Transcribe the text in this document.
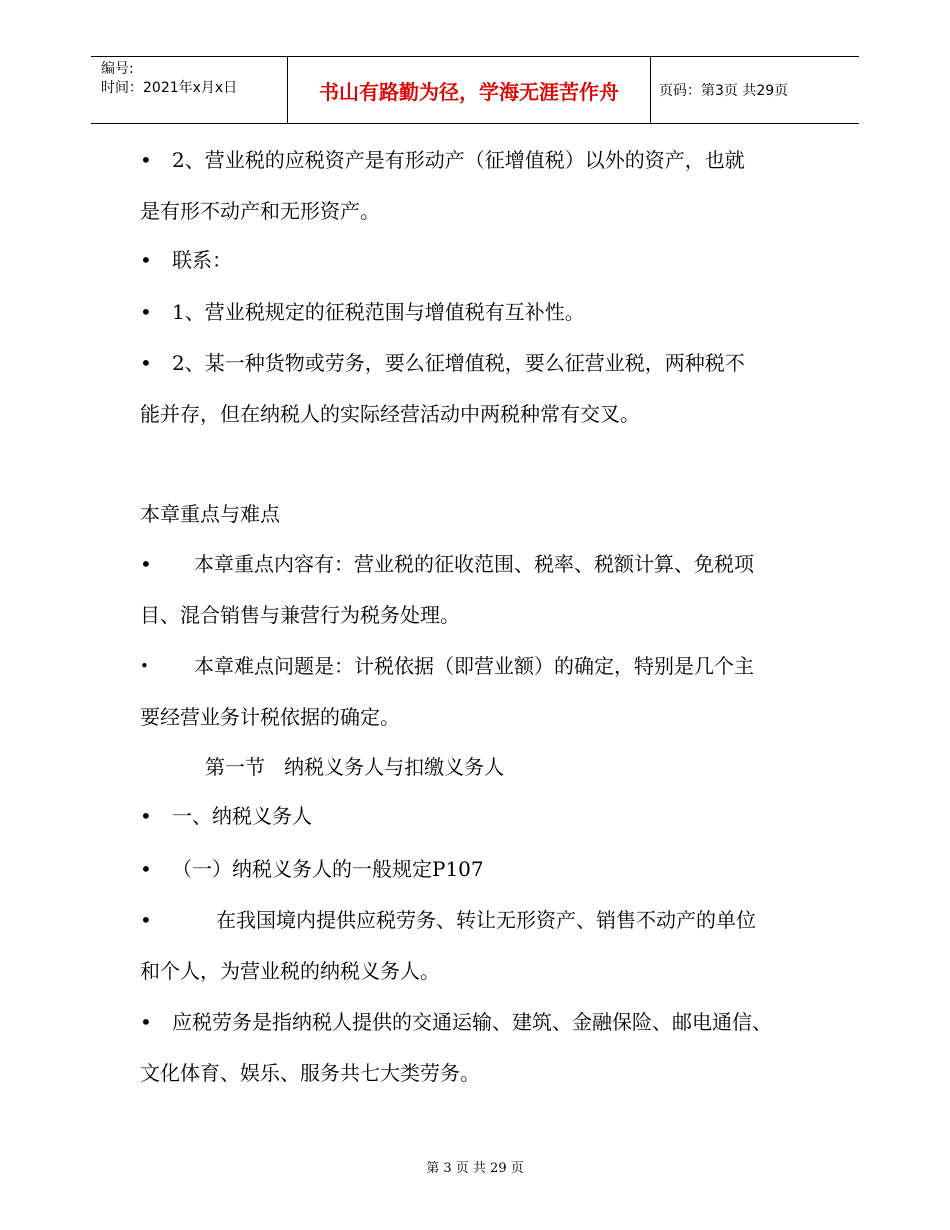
编号:
时间：2021年x月x日	书山有路勤为径，学海无涯苦作舟	页码：第3页 共29页
• 2、营业税的应税资产是有形动产（征增值税）以外的资产，也就
是有形不动产和无形资产。
• 联系：
• 1、营业税规定的征税范围与增值税有互补性。
• 2、某一种货物或劳务，要么征增值税，要么征营业税，两种税不
能并存，但在纳税人的实际经营活动中两税种常有交叉。
本章重点与难点
• 本章重点内容有：营业税的征收范围、税率、税额计算、免税项
目、混合销售与兼营行为税务处理。
• 本章难点问题是：计税依据（即营业额）的确定，特别是几个主
要经营业务计税依据的确定。
第一节   纳税义务人与扣缴义务人
• 一、纳税义务人
• （一）纳税义务人的一般规定P107
•	在我国境内提供应税劳务、转让无形资产、销售不动产的单位
和个人，为营业税的纳税义务人。
• 应税劳务是指纳税人提供的交通运输、建筑、金融保险、邮电通信、
文化体育、娱乐、服务共七大类劳务。
第 3 页 共 29 页
